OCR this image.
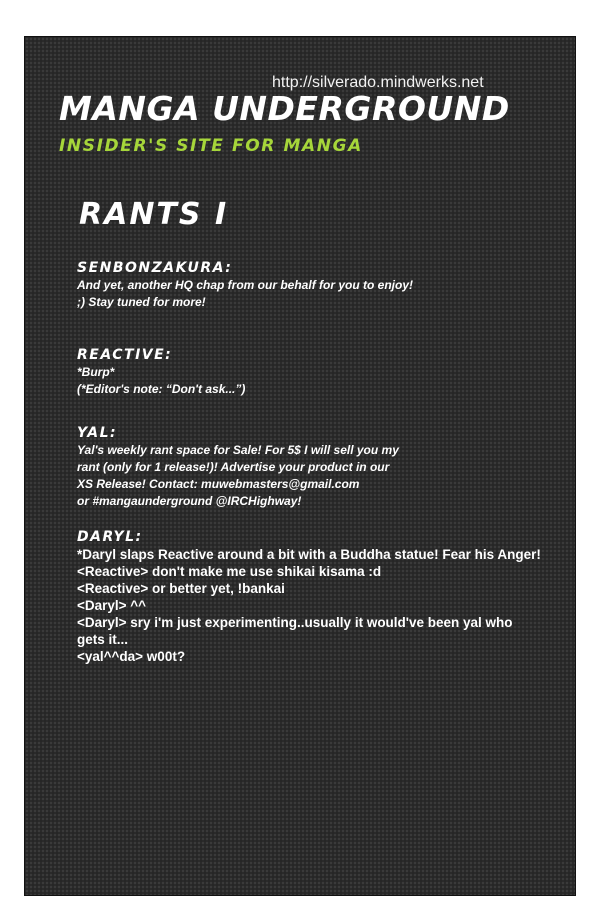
http://silverado.mindwerks.net
MANGA UNDERGROUND
INSIDER'S SITE FOR MANGA
RANTS I
SENBONZAKURA:
And yet, another HQ chap from our behalf for you to enjoy!
;) Stay tuned for more!
REACTIVE:
*Burp*
(*Editor's note: “Don't ask...”)
YAL:
Yal's weekly rant space for Sale! For 5$ I will sell you my
rant (only for 1 release!)! Advertise your product in our
XS Release! Contact: muwebmasters@gmail.com
or #mangaunderground @IRCHighway!
DARYL:
*Daryl slaps Reactive around a bit with a Buddha statue! Fear his Anger!
<Reactive> don't make me use shikai kisama :d
<Reactive> or better yet, !bankai
<Daryl> ^^
<Daryl> sry i'm just experimenting..usually it would've been yal who
gets it...
<yal^^da> w00t?
